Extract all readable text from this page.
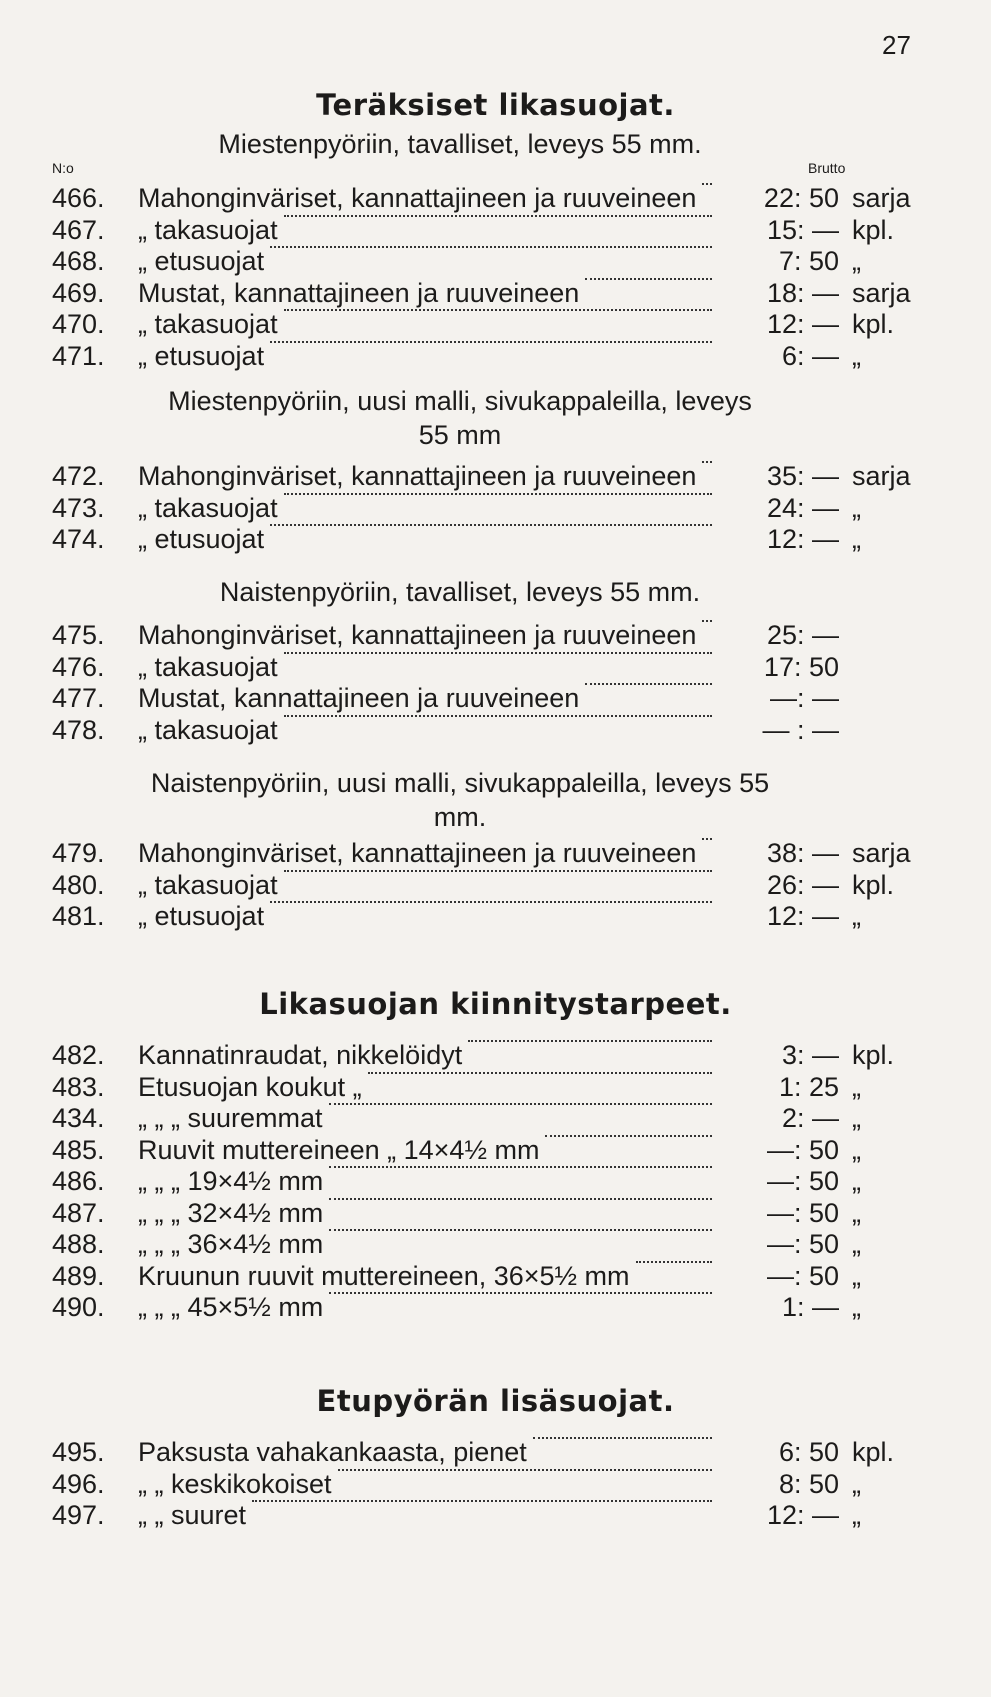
27
Teräksiset likasuojat.
Miestenpyöriin, tavalliset, leveys 55 mm.
N:o	Brutto
466. Mahonginväriset, kannattajineen ja ruuveineen	22: 50 sarja
467. „ takasuojat	15: — kpl.
468. „ etusuojat	7: 50 „
469. Mustat, kannattajineen ja ruuveineen	18: — sarja
470. „ takasuojat	12: — kpl.
471. „ etusuojat	6: — „
Miestenpyöriin, uusi malli, sivukappaleilla, leveys 55 mm
472. Mahonginväriset, kannattajineen ja ruuveineen	35: — sarja
473. „ takasuojat	24: — „
474. „ etusuojat	12: — „
Naistenpyöriin, tavalliset, leveys 55 mm.
475. Mahonginväriset, kannattajineen ja ruuveineen	25: —
476. „ takasuojat	17: 50
477. Mustat, kannattajineen ja ruuveineen	—: —
478. „ takasuojat	— : —
Naistenpyöriin, uusi malli, sivukappaleilla, leveys 55 mm.
479. Mahonginväriset, kannattajineen ja ruuveineen	38: — sarja
480. „ takasuojat	26: — kpl.
481. „ etusuojat	12: — „
Likasuojan kiinnitystarpeet.
482. Kannatinraudat, nikkelöidyt	3: — kpl.
483. Etusuojan koukut „	1: 25 „
434. „ „ „ suuremmat	2: — „
485. Ruuvit muttereineen „ 14×4½ mm	—: 50 „
486. „ „ „ 19×4½ mm	—: 50 „
487. „ „ „ 32×4½ mm	—: 50 „
488. „ „ „ 36×4½ mm	—: 50 „
489. Kruunun ruuvit muttereineen, 36×5½ mm	—: 50 „
490. „ „ „ 45×5½ mm	1: — „
Etupyörän lisäsuojat.
495. Paksusta vahakankaasta, pienet	6: 50 kpl.
496. „ „ keskikokoiset	8: 50 „
497. „ „ suuret	12: — „
